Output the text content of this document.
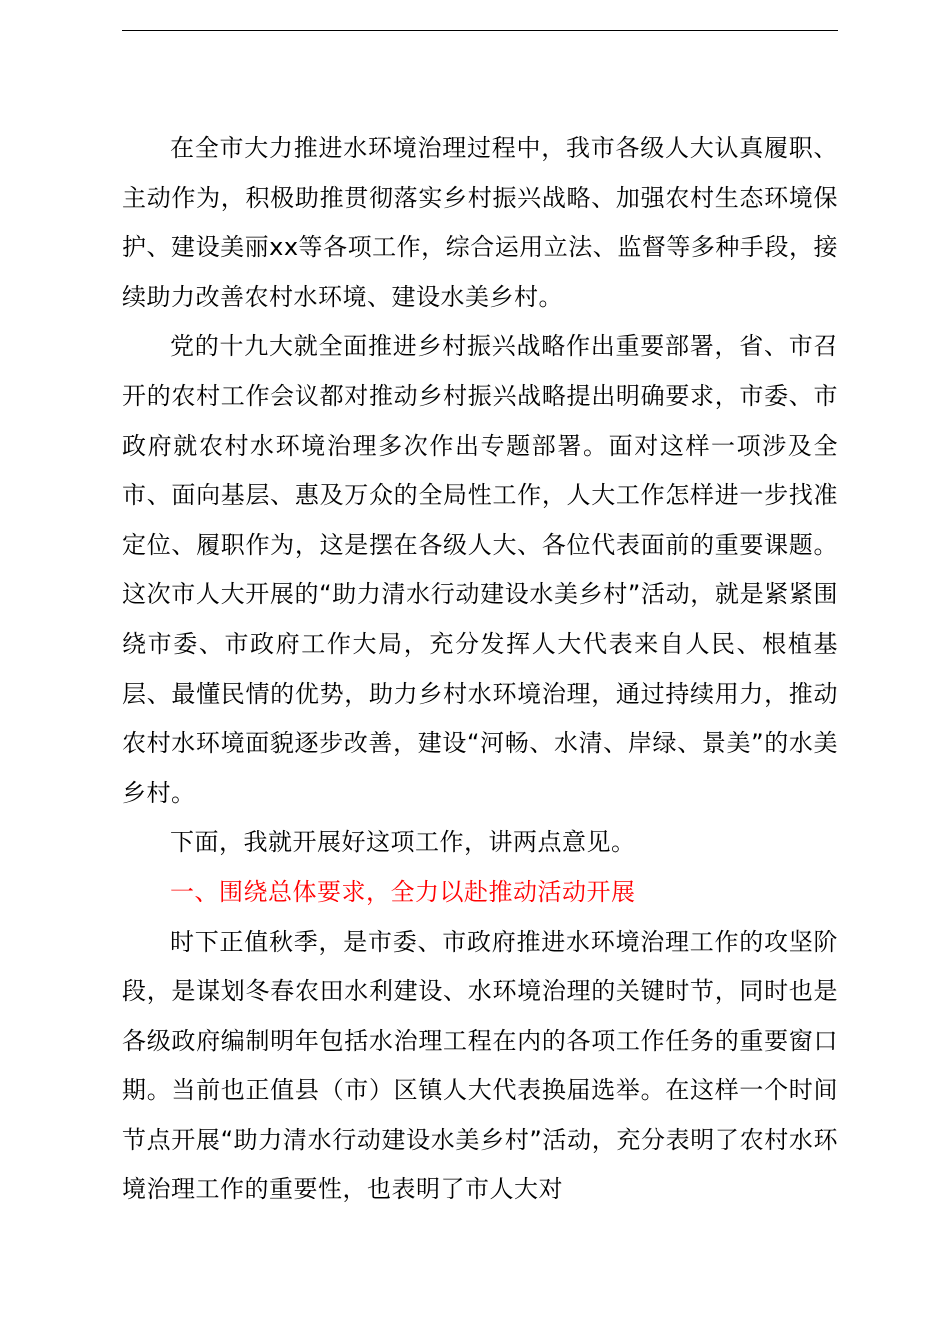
在全市大力推进水环境治理过程中，我市各级人大认真履职、主动作为，积极助推贯彻落实乡村振兴战略、加强农村生态环境保护、建设美丽xx等各项工作，综合运用立法、监督等多种手段，接续助力改善农村水环境、建设水美乡村。

党的十九大就全面推进乡村振兴战略作出重要部署，省、市召开的农村工作会议都对推动乡村振兴战略提出明确要求，市委、市政府就农村水环境治理多次作出专题部署。面对这样一项涉及全市、面向基层、惠及万众的全局性工作，人大工作怎样进一步找准定位、履职作为，这是摆在各级人大、各位代表面前的重要课题。这次市人大开展的“助力清水行动建设水美乡村”活动，就是紧紧围绕市委、市政府工作大局，充分发挥人大代表来自人民、根植基层、最懂民情的优势，助力乡村水环境治理，通过持续用力，推动农村水环境面貌逐步改善，建设“河畅、水清、岸绿、景美”的水美乡村。

下面，我就开展好这项工作，讲两点意见。

一、围绕总体要求，全力以赴推动活动开展

时下正值秋季，是市委、市政府推进水环境治理工作的攻坚阶段，是谋划冬春农田水利建设、水环境治理的关键时节，同时也是各级政府编制明年包括水治理工程在内的各项工作任务的重要窗口期。当前也正值县（市）区镇人大代表换届选举。在这样一个时间节点开展“助力清水行动建设水美乡村”活动，充分表明了农村水环境治理工作的重要性，也表明了市人大对
